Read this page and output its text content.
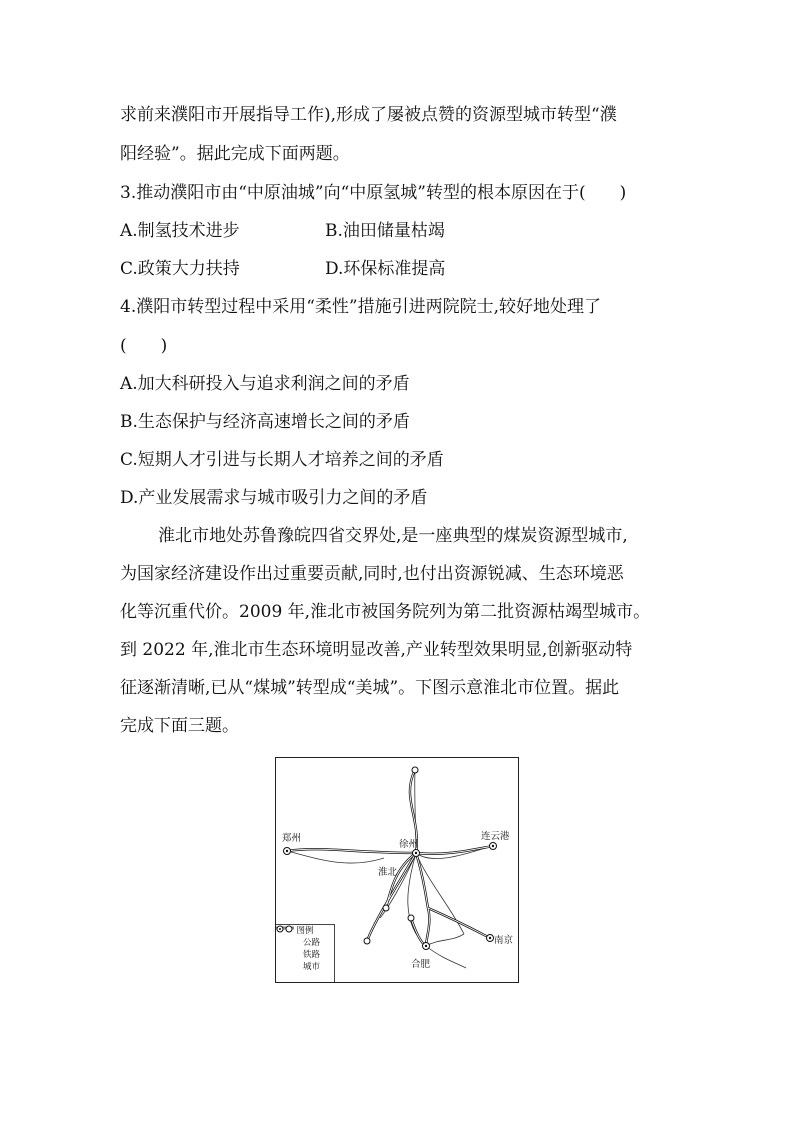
求前来濮阳市开展指导工作),形成了屡被点赞的资源型城市转型“濮
阳经验”。据此完成下面两题。
3.推动濮阳市由“中原油城”向“中原氢城”转型的根本原因在于(　　)
A.制氢技术进步	B.油田储量枯竭
C.政策大力扶持	D.环保标准提高
4.濮阳市转型过程中采用“柔性”措施引进两院院士,较好地处理了
(　　)
A.加大科研投入与追求利润之间的矛盾
B.生态保护与经济高速增长之间的矛盾
C.短期人才引进与长期人才培养之间的矛盾
D.产业发展需求与城市吸引力之间的矛盾
淮北市地处苏鲁豫皖四省交界处,是一座典型的煤炭资源型城市,
为国家经济建设作出过重要贡献,同时,也付出资源锐减、生态环境恶
化等沉重代价。2009 年,淮北市被国务院列为第二批资源枯竭型城市。
到 2022 年,淮北市生态环境明显改善,产业转型效果明显,创新驱动特
征逐渐清晰,已从“煤城”转型成“美城”。下图示意淮北市位置。据此
完成下面三题。
郑州
徐州
连云港
淮北
南京
合肥
图例
公路
铁路
城市
